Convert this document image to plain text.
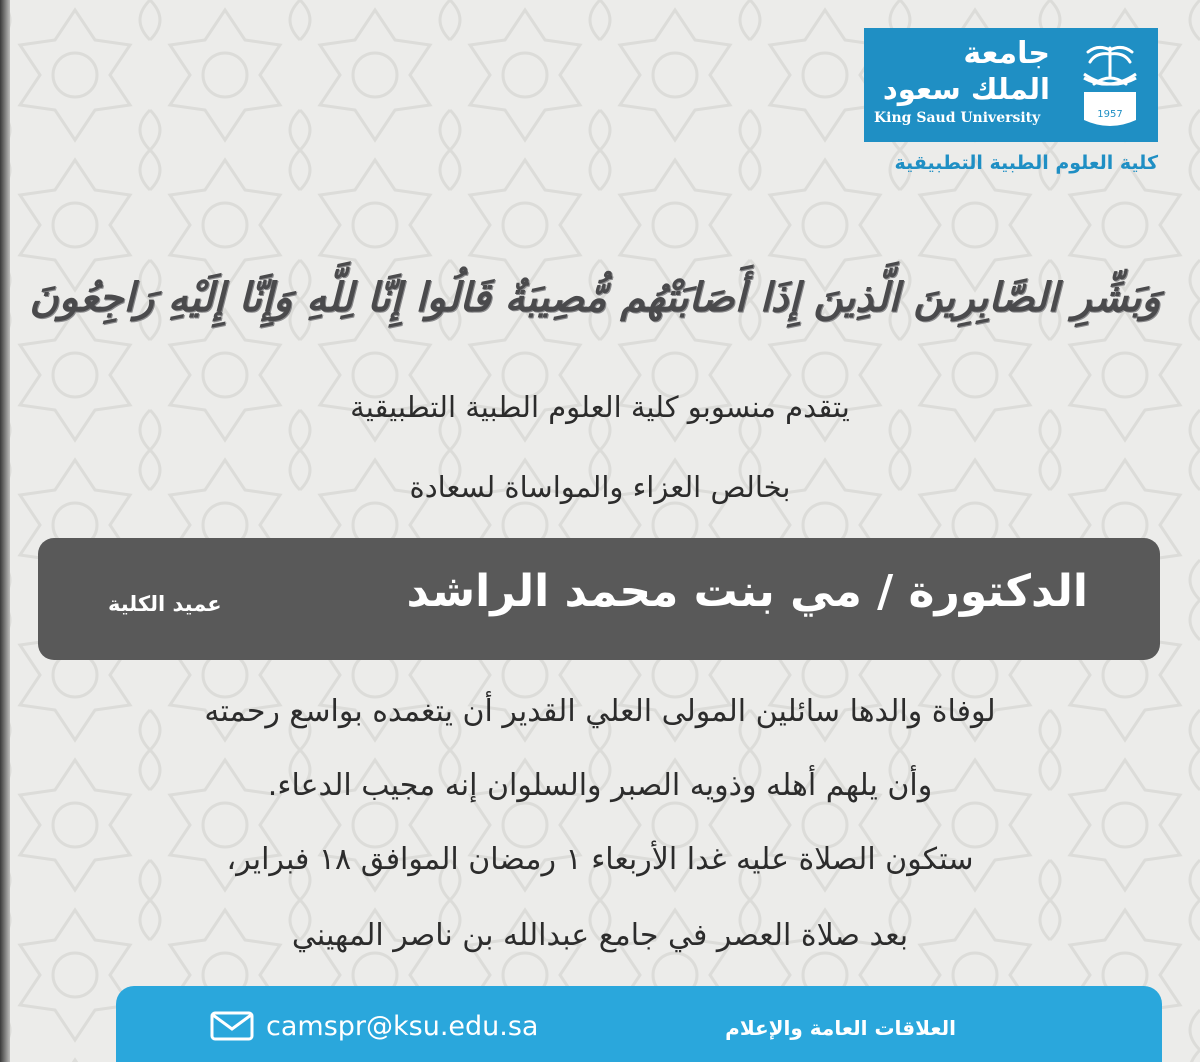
جامعة
الملك سعود
King Saud University	1957
كلية العلوم الطبية التطبيقية
وَبَشِّرِ الصَّابِرِينَ الَّذِينَ إِذَا أَصَابَتْهُم مُّصِيبَةٌ قَالُوا إِنَّا لِلَّهِ وَإِنَّا إِلَيْهِ رَاجِعُونَ
يتقدم منسوبو كلية العلوم الطبية التطبيقية
بخالص العزاء والمواساة لسعادة
الدكتورة / مي بنت محمد الراشد
عميد الكلية
لوفاة والدها سائلين المولى العلي القدير أن يتغمده بواسع رحمته
وأن يلهم أهله وذويه الصبر والسلوان إنه مجيب الدعاء.
ستكون الصلاة عليه غدا الأربعاء ١ رمضان الموافق ١٨ فبراير،
بعد صلاة العصر في جامع عبدالله بن ناصر المهيني
camspr@ksu.edu.sa	العلاقات العامة والإعلام
